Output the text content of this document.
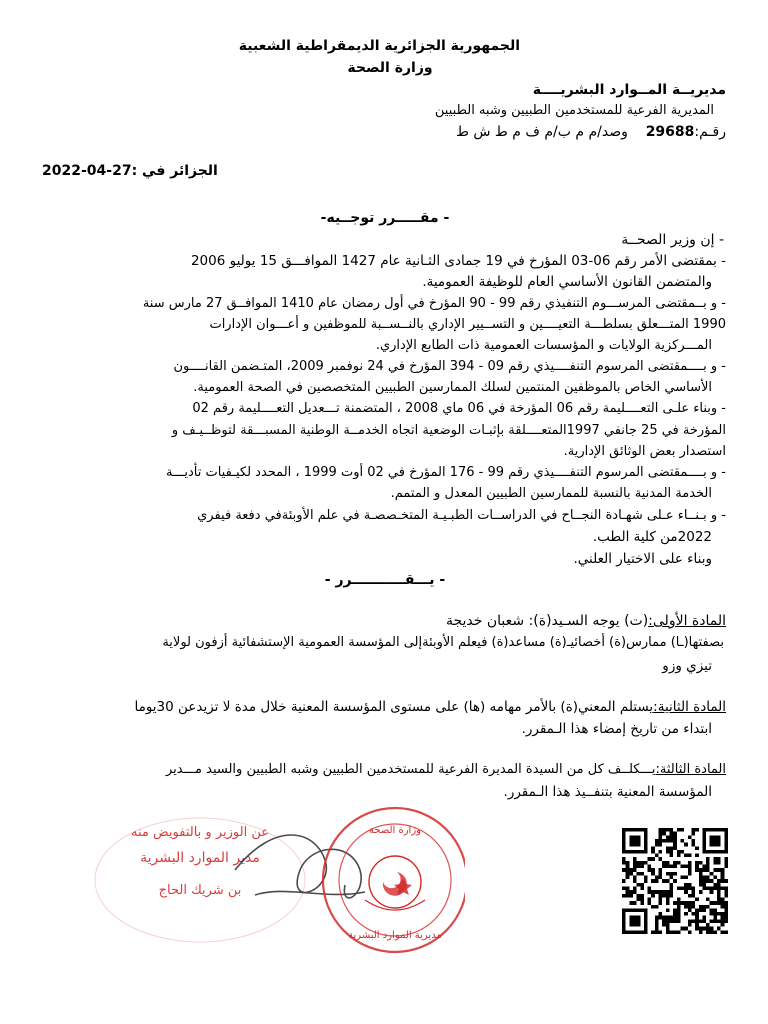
الجمهورية الجزائرية الديمقراطية الشعبية
وزارة الصحة
مديريــة المــوارد البشريــــة
المديرية الفرعية للمستخدمين الطبيين وشبه الطبيين
رقـم:29688    وصد/م م ب/م ف م ط ش ط
الجزائر في :27-04-2022
- مقـــــرر توجــيه-
- إن وزير الصحــة
- بمقتضى الأمر رقم 06-03 المؤرخ في 19 جمادى الثـانية عام 1427 الموافـــق 15 يوليو 2006
والمتضمن القانون الأساسي العام للوظيفة العمومية.
- و بــمقتضى المرســـوم التنفيذي رقم 99 - 90 المؤرخ في أول رمضان عام 1410 الموافــق 27 مارس سنة
1990 المتـــعلق بسلطـــة التعيــــين و التســيير الإداري بالنــســبة للموظفين و أعـــوان الإدارات
المـــركزية الولايات و المؤسسات العمومية ذات الطابع الإداري.
- و بــــمقتضى المرسوم التنفــــيذي رقم 09 - 394 المؤرخ في 24 نوفمبر 2009، المتـضمن القانــــون
الأساسي الخاص بالموظفين المنتمين لسلك الممارسين الطبيين المتخصصين في الصحة العمومية.
- وبناء علـى التعــــليمة رقم 06 المؤرخة في 06 ماي 2008 ، المتضمنة تـــعديل التعــــليمة رقم 02
المؤرخة في 25 جانفي 1997المتعــــلقة بإثبـات الوضعية اتجاه الخدمــة الوطنية المسبـــقة لتوظــيـف و
استصدار بعض الوثائق الإدارية.
- و بــــمقتضى المرسوم التنفــــيذي رقم 99 - 176 المؤرخ في 02 أوت 1999 ، المحدد لكيـفيات تأديـــة
الخدمة المدنية بالنسبة للممارسين الطبيين المعدل و المتمم.
- و بـنــاء عـلى شهـادة النجــاح في الدراســات الطبـيـة المتخـصصـة في علم الأوبئةفي دفعة فيفري
2022من كلية الطب.
وبناء على الاختيار العلني.
- يـــقـــــــــــرر -
المادة الأولى:(ت) يوجه السـيد(ة): شعبان خديجة
بصفتها(ـا) ممارس(ة) أخصائيـ(ة) مساعد(ة) فيعلم الأوبئةإلى المؤسسة العمومية الإستشفائية أزفون لولاية
تيزي وزو
المادة الثانية:يستلم المعني(ة) بالأمر مهامه (ها) على مستوى المؤسسة المعنية خلال مدة لا تزيدعن 30يوما
ابتداء من تاريخ إمضاء هذا الـمقرر.
المادة الثالثة:يـــكلــف كل من السيدة المديرة الفرعية للمستخدمين الطبيين وشبه الطبيين والسيد مـــدير
المؤسسة المعنية بتنفــيذ هذا الـمقرر.
عن الوزير و بالتفويض منه
مدير الموارد البشرية
بن شريك الحاج
وزارة الصحة
مديرية الموارد البشرية
